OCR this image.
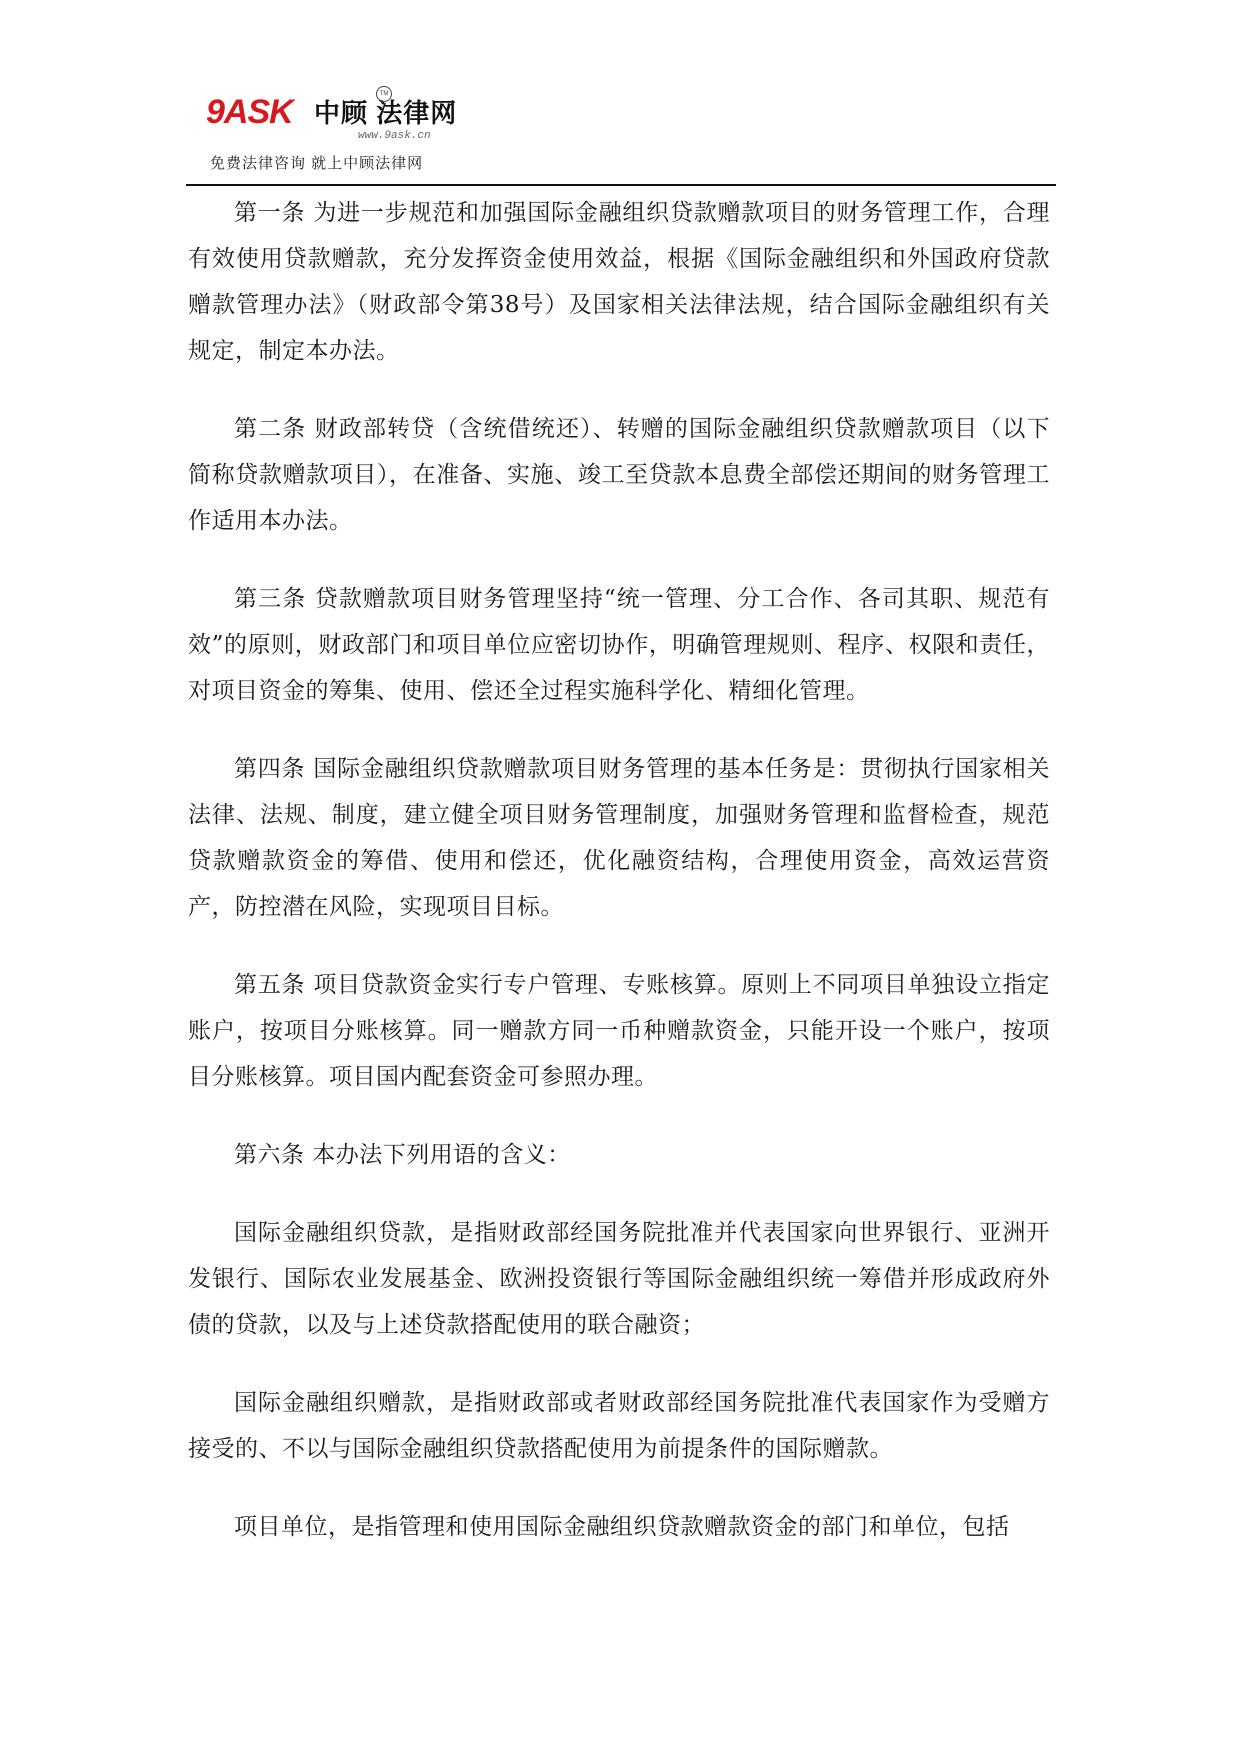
9ASK 中顾 法律网
TM
www.9ask.cn
免费法律咨询 就上中顾法律网

第一条 为进一步规范和加强国际金融组织贷款赠款项目的财务管理工作，合理有效使用贷款赠款，充分发挥资金使用效益，根据《国际金融组织和外国政府贷款赠款管理办法》（财政部令第38号）及国家相关法律法规，结合国际金融组织有关规定，制定本办法。

第二条 财政部转贷（含统借统还）、转赠的国际金融组织贷款赠款项目（以下简称贷款赠款项目），在准备、实施、竣工至贷款本息费全部偿还期间的财务管理工作适用本办法。

第三条 贷款赠款项目财务管理坚持“统一管理、分工合作、各司其职、规范有效”的原则，财政部门和项目单位应密切协作，明确管理规则、程序、权限和责任，对项目资金的筹集、使用、偿还全过程实施科学化、精细化管理。

第四条 国际金融组织贷款赠款项目财务管理的基本任务是：贯彻执行国家相关法律、法规、制度，建立健全项目财务管理制度，加强财务管理和监督检查，规范贷款赠款资金的筹借、使用和偿还，优化融资结构，合理使用资金，高效运营资产，防控潜在风险，实现项目目标。

第五条 项目贷款资金实行专户管理、专账核算。原则上不同项目单独设立指定账户，按项目分账核算。同一赠款方同一币种赠款资金，只能开设一个账户，按项目分账核算。项目国内配套资金可参照办理。

第六条 本办法下列用语的含义：

国际金融组织贷款，是指财政部经国务院批准并代表国家向世界银行、亚洲开发银行、国际农业发展基金、欧洲投资银行等国际金融组织统一筹借并形成政府外债的贷款，以及与上述贷款搭配使用的联合融资；

国际金融组织赠款，是指财政部或者财政部经国务院批准代表国家作为受赠方接受的、不以与国际金融组织贷款搭配使用为前提条件的国际赠款。

项目单位，是指管理和使用国际金融组织贷款赠款资金的部门和单位，包括
